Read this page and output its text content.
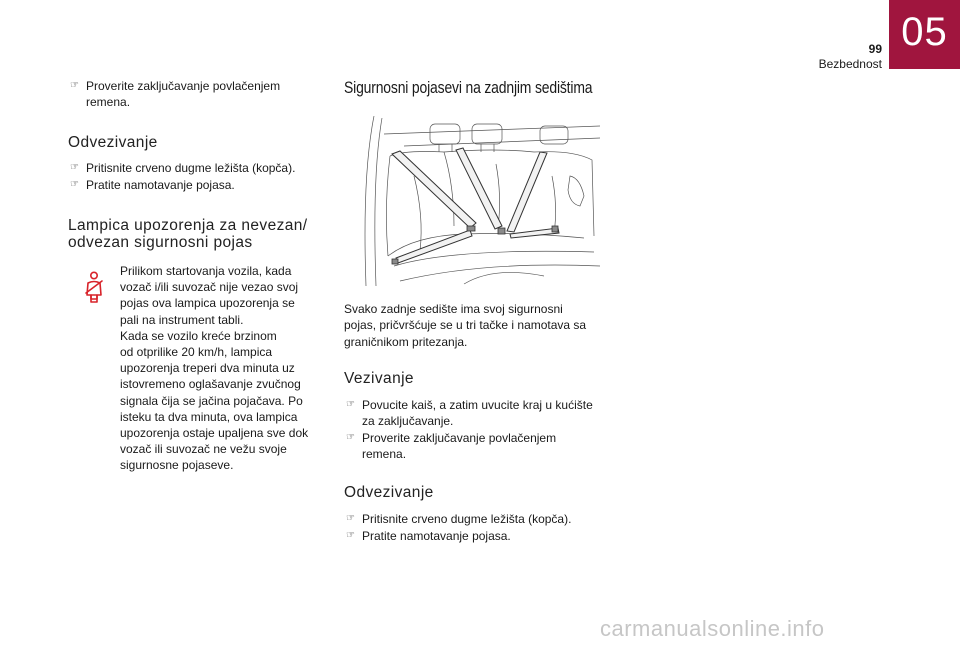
05
99
Bezbednost
☞ Proverite zaključavanje povlačenjem remena.
Odvezivanje
☞ Pritisnite crveno dugme ležišta (kopča).
☞ Pratite namotavanje pojasa.
Lampica upozorenja za nevezan/ odvezan sigurnosni pojas
Prilikom startovanja vozila, kada
vozač i/ili suvozač nije vezao svoj
pojas ova lampica upozorenja se
pali na instrument tabli.
Kada se vozilo kreće brzinom
od otprilike 20 km/h, lampica
upozorenja treperi dva minuta uz
istovremeno oglašavanje zvučnog
signala čija se jačina pojačava. Po
isteku ta dva minuta, ova lampica
upozorenja ostaje upaljena sve dok
vozač ili suvozač ne vežu svoje
sigurnosne pojaseve.
Sigurnosni pojasevi na zadnjim sedištima
Svako zadnje sedište ima svoj sigurnosni
pojas, pričvršćuje se u tri tačke i namotava sa
graničnikom pritezanja.
Vezivanje
☞ Povucite kaiš, a zatim uvucite kraj u kućište za zaključavanje.
☞ Proverite zaključavanje povlačenjem remena.
Odvezivanje
☞ Pritisnite crveno dugme ležišta (kopča).
☞ Pratite namotavanje pojasa.
carmanualsonline.info
